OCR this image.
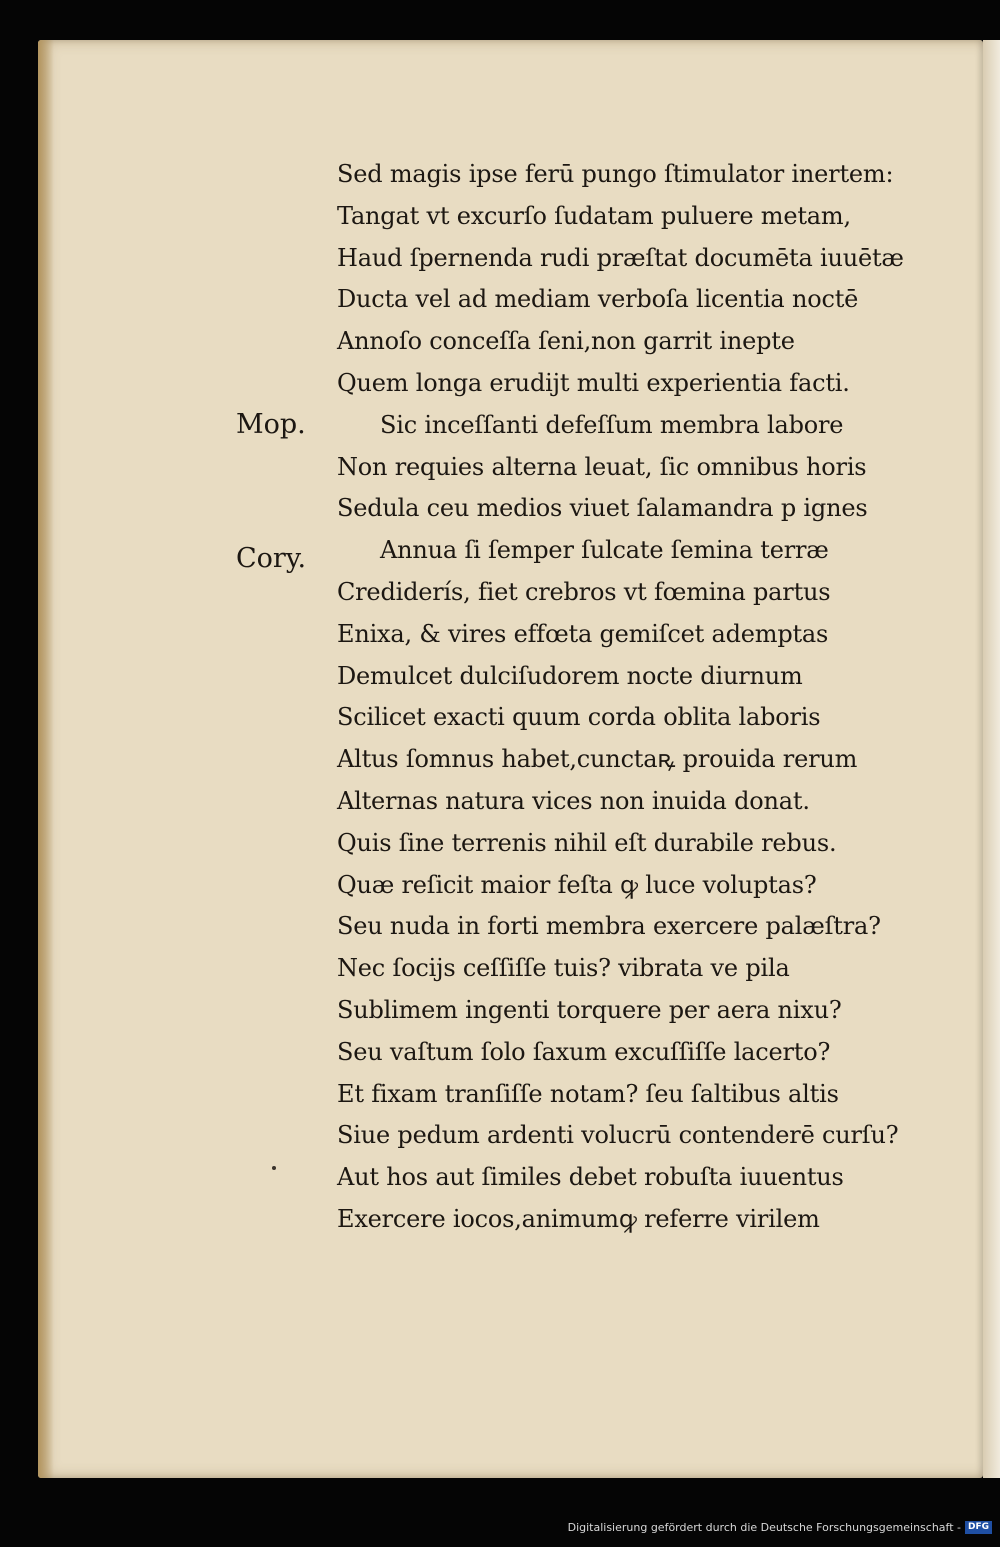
Mop.
Cory.
Sed magis ipse ferū pungo ſtimulator inertem:
Tangat vt excurſo ſudatam puluere metam,
Haud ſpernenda rudi præſtat documēta iuuētæ
Ducta vel ad mediam verboſa licentia noctē
Annoſo conceſſa ſeni,non garrit inepte
Quem longa erudijt multi experientia facti.
Sic inceſſanti defeſſum membra labore
Non requies alterna leuat, ſic omnibus horis
Sedula ceu medios viuet ſalamandra p ignes
Annua ſi ſemper ſulcate ſemina terræ
Crediderís, fiet crebros vt fœmina partus
Enixa, & vires effœta gemiſcet ademptas
Demulcet dulciſudorem nocte diurnum
Scilicet exacti quum corda oblita laboris
Altus ſomnus habet,cunctaꝶ prouida rerum
Alternas natura vices non inuida donat.
Quis ſine terrenis nihil eſt durabile rebus.
Quæ reſicit maior feſta ꝙ luce voluptas?
Seu nuda in forti membra exercere palæſtra?
Nec ſocijs ceſſiſſe tuis? vibrata ve pila
Sublimem ingenti torquere per aera nixu?
Seu vaſtum ſolo ſaxum excuſſiſſe lacerto?
Et fixam tranſiſſe notam? ſeu ſaltibus altis
Siue pedum ardenti volucrū contenderē curſu?
Aut hos aut ſimiles debet robuſta iuuentus
Exercere iocos,animumꝙ referre virilem
Digitalisierung gefördert durch die Deutsche Forschungsgemeinschaft - DFG
